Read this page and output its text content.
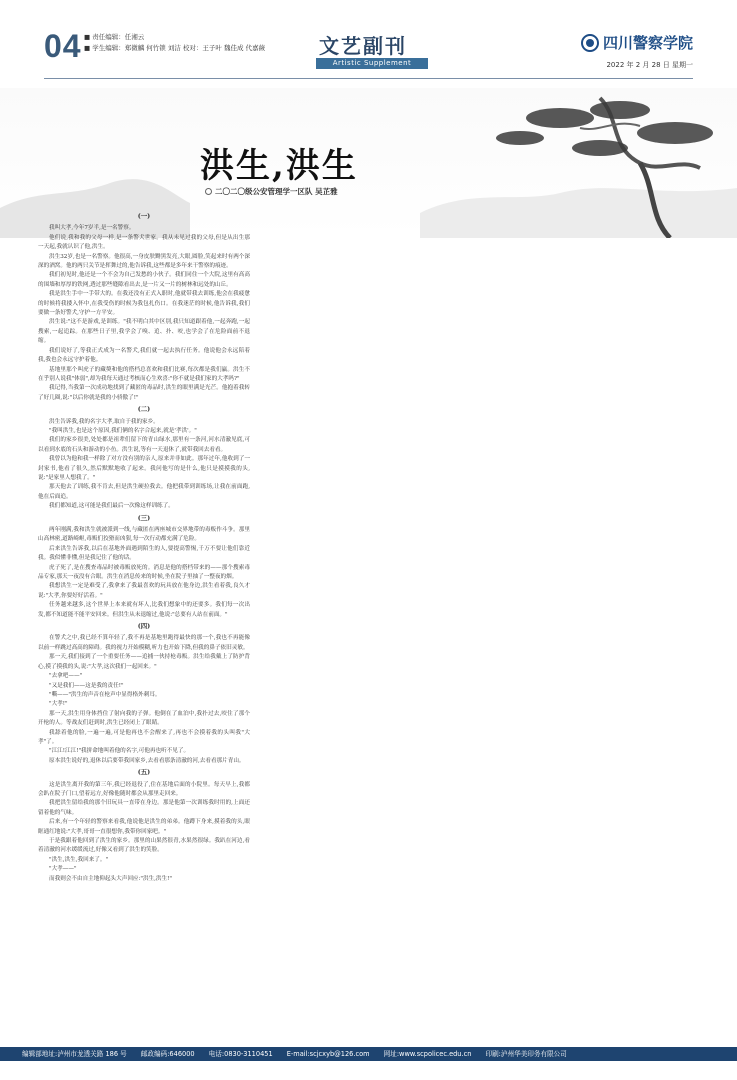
04 ■ 责任编辑：任湘云
■ 学生编辑：郑微麟 何竹锁 刘洁 校对：王子叶 魏佳成 代嘉薇	文艺副刊
Artistic Supplement
四川警察学院
2022 年 2 月 28 日 星期一
洪生,洪生
二〇二〇级公安管理学一区队 吴芷雅
(一)

我叫大孝,今年7岁半,是一名警察。

他们说,我和我的父母一样,是一条警犬世家。我从未见过我的父母,但是从出生那一天起,我就认识了他,洪生。

洪生32岁,也是一名警察。他很高,一身皮肤黝黑发亮,大眼,圆脸,笑起来时有两个深深的酒窝。他的两只关节是挥舞过的,他告诉我,这些都是多年来干警察的痕迹。

我们初见时,他还是一个不会为自己发愁的小伙子。我们同住一个大院,这里有高高的围墙和厚厚的铁网,透过那些缝隙看出去,是一片又一片的树林和远处的山丘。

我是洪生手中一手带大的。在我还没有正式入职时,他就带我去训练,他会在我疲惫的时候将我搂入怀中,在我受伤的时候为我包扎伤口。在我迷茫的时候,他告诉我,我们要做一条好警犬,守护一方平安。

洪生说:"这不是游戏,是训练。"我不明白其中区别,我只知道跟着他,一起奔跑,一起搜索,一起追踪。在那些日子里,我学会了嗅、追、扑、咬,也学会了在危险面前不退缩。

我们说好了,等我正式成为一名警犬,我们就一起去执行任务。他说他会永远陪着我,我也会永远守护着他。

基地里那个叫虎子的藏獒和他的搭档总喜欢和我们比赛,每次都是我们赢。洪生不在乎别人说我"体弱",却为我每天通过考核而心生欢喜:"你不就是我们家的大孝吗?"

我记得,当我第一次成功地找到了藏匿的毒品时,洪生的眼里满是光芒。他抱着我转了好几圈,说:"以后你就是我的小骄傲了!"

(二)

洪生告诉我,我的名字大孝,取自于我的家乡。

"我叫洪生,也是这个原因,我们俩的名字合起来,就是'孝洪'。"

我们的家乡很美,处处都是祖辈们留下的青山绿水,那里有一条河,河水清澈见底,可以看到水底的石头和游动的小鱼。洪生说,等有一天退休了,就带我回去看看。

我曾以为他和我一样除了对方没有别的亲人,原来并非如此。那年过年,他收到了一封家书,他看了很久,然后默默地收了起来。我问他写的是什么,他只是摸摸我的头,说:"是家里人想我了。"

那天他去了训练,我不肯去,但是洪生硬拉我去。他把我带到训练场,让我在前面跑,他在后面追。

我们都知道,这可能是我们最后一次像这样训练了。

(三)

两年刚满,我和洪生就被派到一线,与藏匿在两座城市交界地带的毒贩作斗争。那里山高林密,道路崎岖,毒贩们狡猾而凶狠,每一次行动都充满了危险。

后来洪生告诉我,以后在基地外面遇到陌生的人,要提高警惕,千万不要让他们靠近我。我似懂非懂,但是我记住了他的话。

虎子死了,是在搜查毒品时被毒贩放死的。消息是他的搭档带来的——那个搜索毒品专家,那天一夜没有合眼。洪生在消息传来的时候,坐在院子里抽了一整夜的烟。

我想洪生一定是难受了,我拿来了我最喜欢的玩具放在他身边,洪生看着我,良久才说:"大孝,你要好好活着。"

任务越来越多,这个世界上本来就有坏人,比我们想象中的还要多。我们每一次出发,都不知道能不能平安回来。但洪生从未退缩过,他说:"总要有人站在前面。"

(四)

在警犬之中,我已经不算年轻了,我不再是基地里跑得最快的那一个,我也不再能像以前一样跳过高高的障碍。我的视力开始模糊,听力也开始下降,但我的鼻子依旧灵敏。

那一天,我们接到了一个重要任务——追捕一伙持枪毒贩。洪生给我戴上了防护背心,摸了摸我的头,说:"大孝,这次我们一起回来。"

"去拿吧——"

"又是我们——这是我的责任!"

"嘶——"洪生的声音在枪声中显得格外刺耳。

"大孝!"

那一天,洪生用身体挡住了射向我的子弹。他倒在了血泊中,我扑过去,咬住了那个开枪的人。等战友们赶到时,洪生已经闭上了眼睛。

我舔着他的脸,一遍一遍,可是他再也不会醒来了,再也不会摸着我的头叫我"大孝"了。

"江江!江江!"我拼命地叫着他的名字,可他再也听不见了。

原本洪生说好的,退休以后要带我回家乡,去看看那条清澈的河,去看看那片青山。

(五)

这是洪生离开我的第三年,我已经退役了,住在基地后面的小院里。每天早上,我都会趴在院子门口,望着远方,好像他随时都会从那里走回来。

我把洪生留给我的那个旧玩具一直带在身边。那是他第一次训练我时用的,上面还留着他的气味。

后来,有一个年轻的警察来看我,他说他是洪生的弟弟。他蹲下身来,摸着我的头,眼眶通红地说:"大孝,哥哥一直很想你,我带你回家吧。"

于是我跟着他回到了洪生的家乡。那里的山果然很青,水果然很绿。我趴在河边,看着清澈的河水缓缓流过,好像又看到了洪生的笑脸。

"洪生,洪生,我回来了。"

"大孝——"

而我则会不由自主地仰起头大声回应:"洪生,洪生!"

编辑部地址:泸州市龙透关路 186 号 邮政编码:646000 电话:0830-3110451 E-mail:scjcxyb@126.com 网址:www.scpolicec.edu.cn 印刷:泸州华美印务有限公司
